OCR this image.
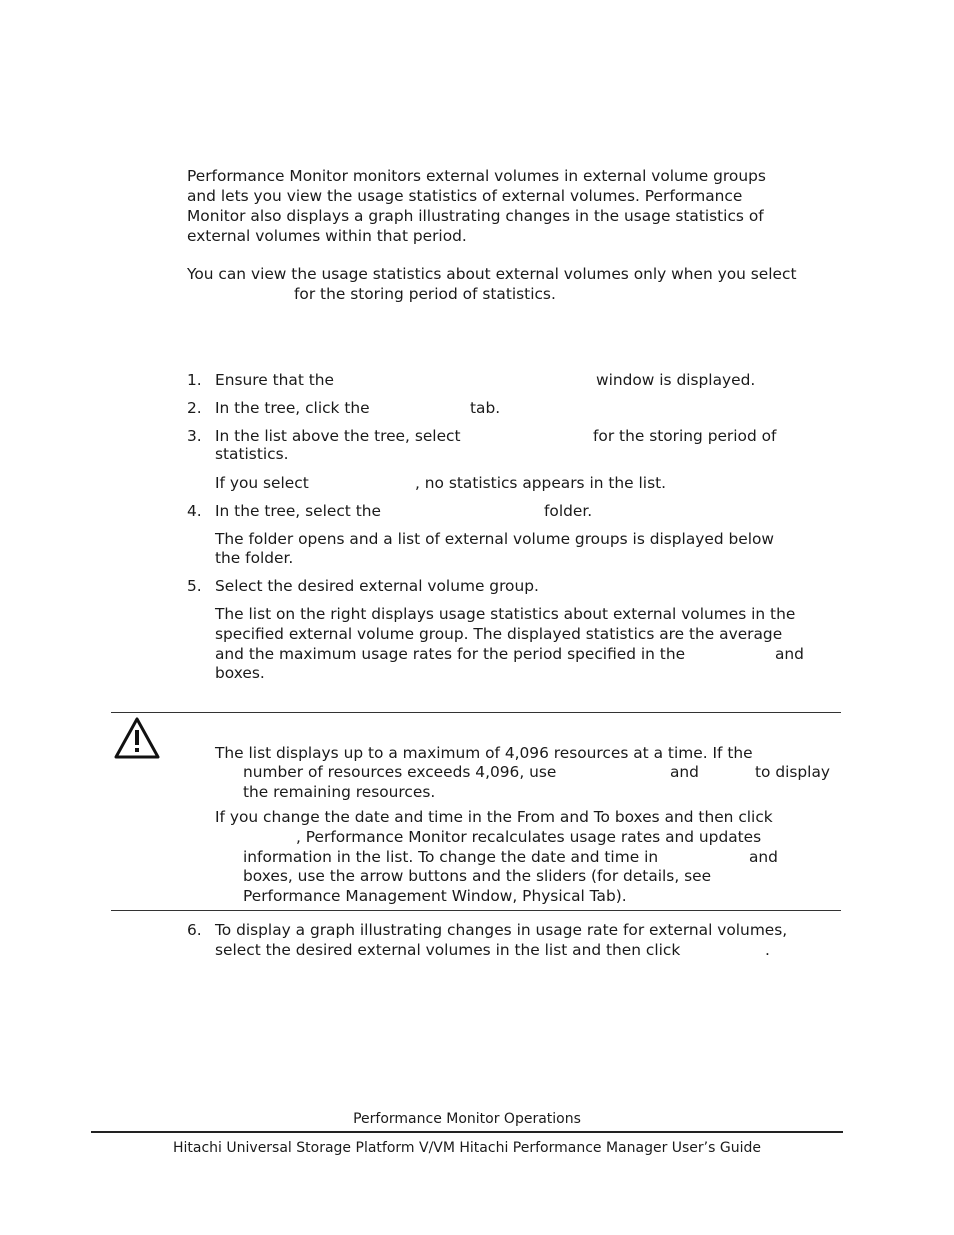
Performance Monitor monitors external volumes in external volume groups
and lets you view the usage statistics of external volumes. Performance
Monitor also displays a graph illustrating changes in the usage statistics of
external volumes within that period.
You can view the usage statistics about external volumes only when you select
for the storing period of statistics.
1. Ensure that the	window is displayed.
2. In the tree, click the	tab.
3. In the list above the tree, select	for the storing period of
statistics.
If you select	, no statistics appears in the list.
4. In the tree, select the	folder.
The folder opens and a list of external volume groups is displayed below
the folder.
5. Select the desired external volume group.
The list on the right displays usage statistics about external volumes in the
specified external volume group. The displayed statistics are the average
and the maximum usage rates for the period specified in the	and
boxes.
The list displays up to a maximum of 4,096 resources at a time. If the
number of resources exceeds 4,096, use	and	to display
the remaining resources.
If you change the date and time in the From and To boxes and then click
, Performance Monitor recalculates usage rates and updates
information in the list. To change the date and time in	and
boxes, use the arrow buttons and the sliders (for details, see
Performance Management Window, Physical Tab).
6. To display a graph illustrating changes in usage rate for external volumes,
select the desired external volumes in the list and then click	.
Performance Monitor Operations
Hitachi Universal Storage Platform V/VM Hitachi Performance Manager User’s Guide
